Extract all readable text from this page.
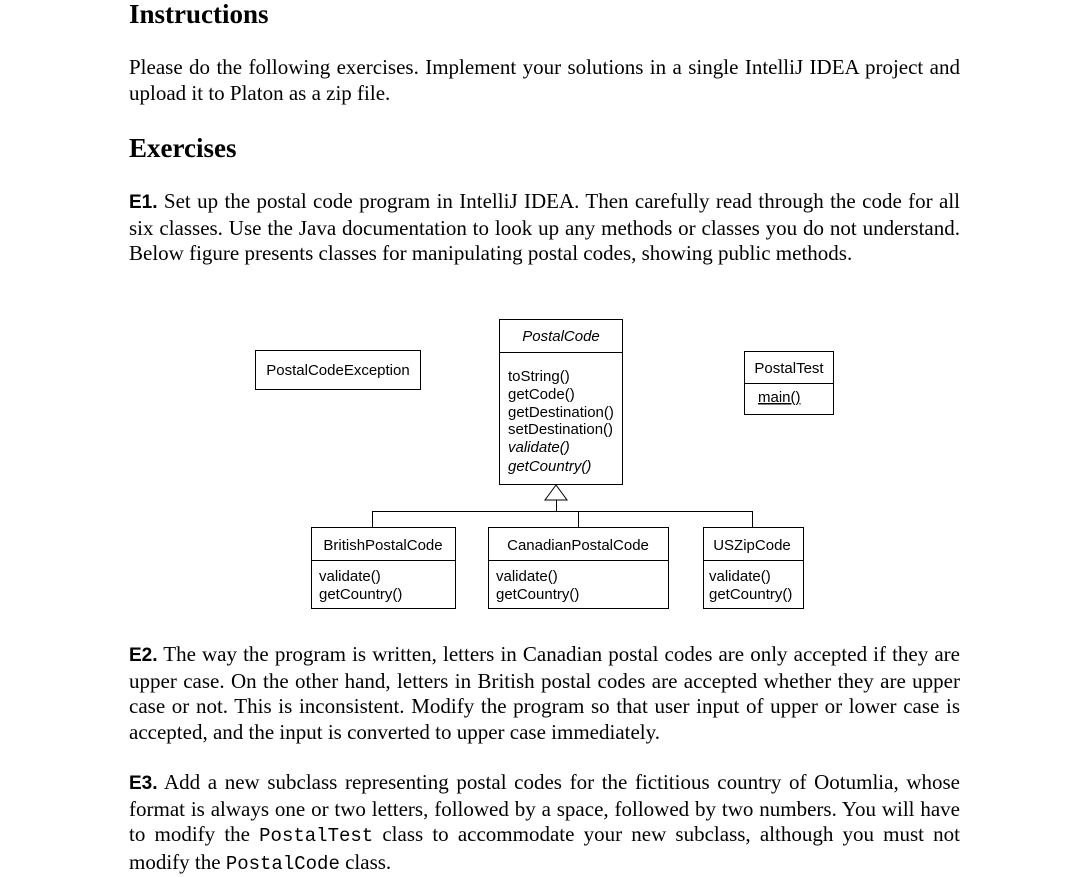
Instructions

Please do the following exercises. Implement your solutions in a single IntelliJ IDEA project and upload it to Platon as a zip file.

Exercises

E1. Set up the postal code program in IntelliJ IDEA. Then carefully read through the code for all six classes. Use the Java documentation to look up any methods or classes you do not understand. Below figure presents classes for manipulating postal codes, showing public methods.

PostalCodeException
PostalCode
toString()
getCode()
getDestination()
setDestination()
validate()
getCountry()
PostalTest
main()
BritishPostalCode
validate()
getCountry()
CanadianPostalCode
validate()
getCountry()
USZipCode
validate()
getCountry()

E2. The way the program is written, letters in Canadian postal codes are only accepted if they are upper case. On the other hand, letters in British postal codes are accepted whether they are upper case or not. This is inconsistent. Modify the program so that user input of upper or lower case is accepted, and the input is converted to upper case immediately.

E3. Add a new subclass representing postal codes for the fictitious country of Ootumlia, whose format is always one or two letters, followed by a space, followed by two numbers. You will have to modify the PostalTest class to accommodate your new subclass, although you must not modify the PostalCode class.
